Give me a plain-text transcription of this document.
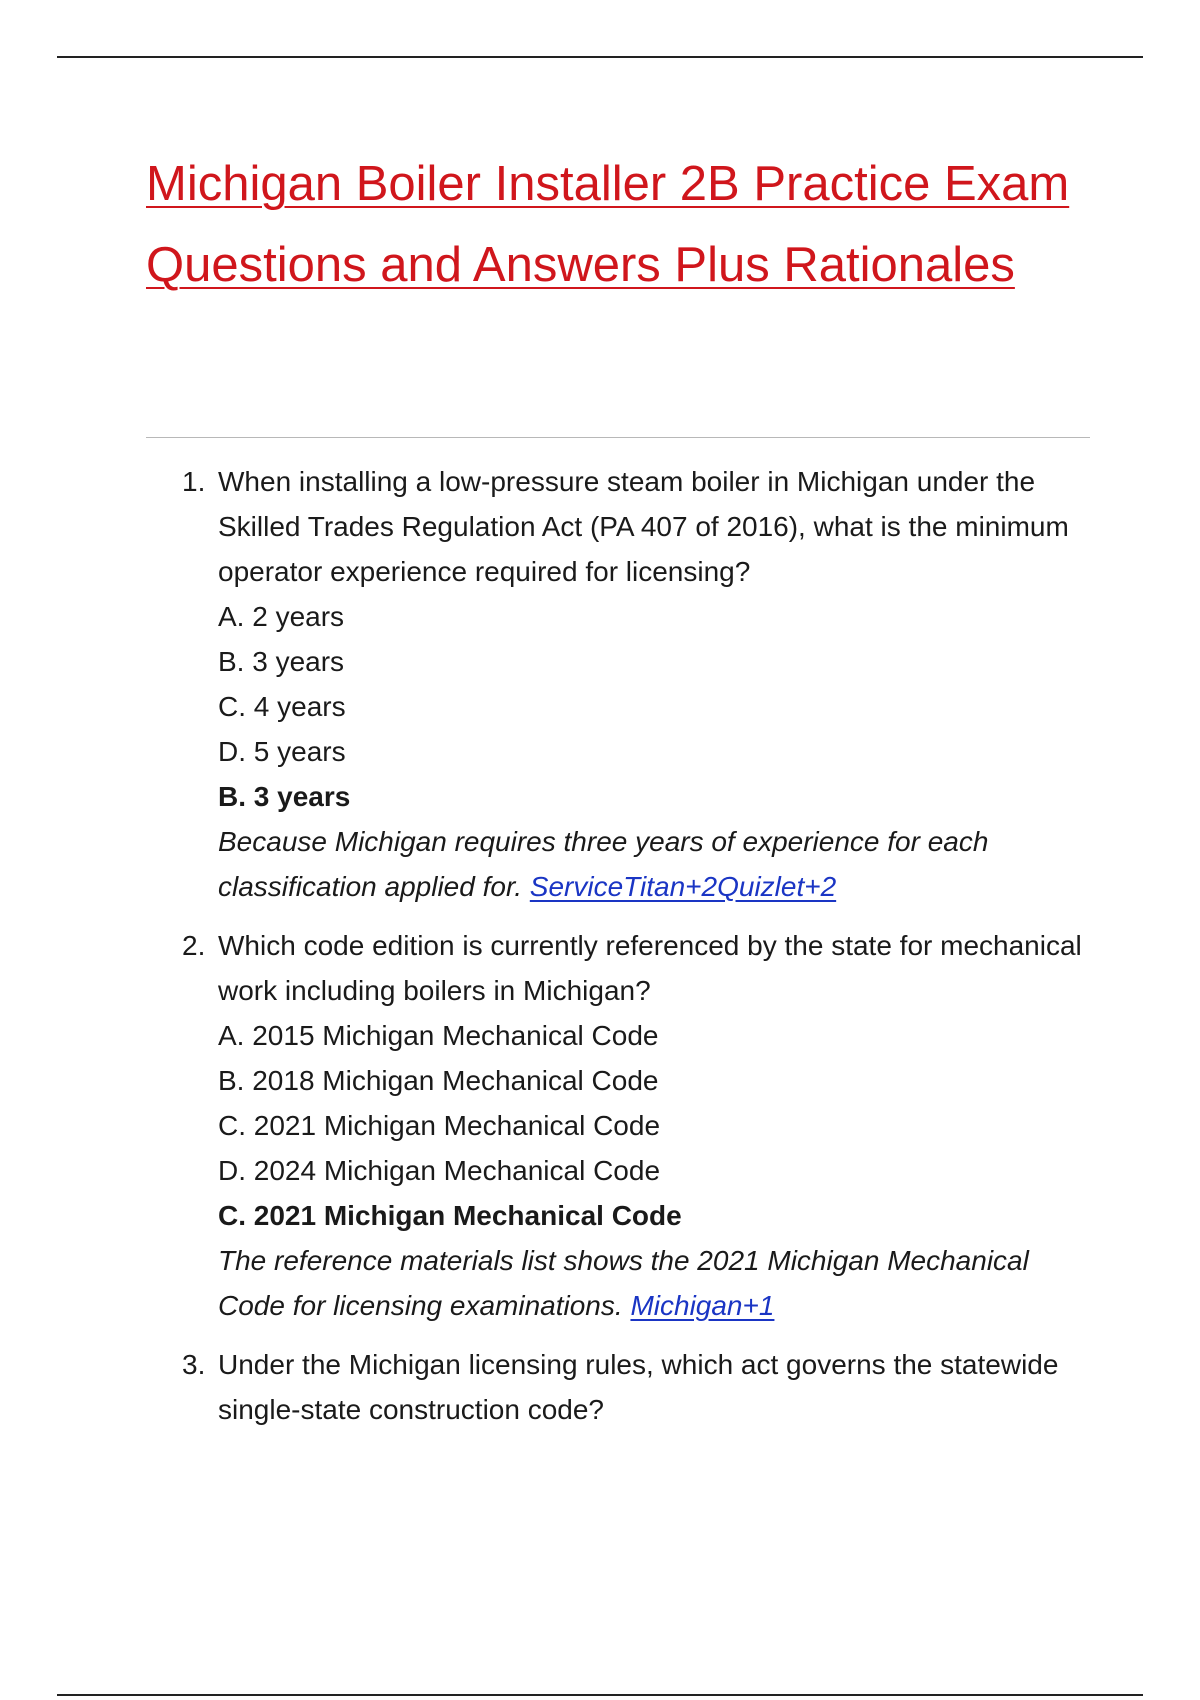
Michigan Boiler Installer 2B Practice Exam Questions and Answers Plus Rationales
1. When installing a low-pressure steam boiler in Michigan under the Skilled Trades Regulation Act (PA 407 of 2016), what is the minimum operator experience required for licensing?
A. 2 years
B. 3 years
C. 4 years
D. 5 years
B. 3 years
Because Michigan requires three years of experience for each classification applied for. ServiceTitan+2Quizlet+2
2. Which code edition is currently referenced by the state for mechanical work including boilers in Michigan?
A. 2015 Michigan Mechanical Code
B. 2018 Michigan Mechanical Code
C. 2021 Michigan Mechanical Code
D. 2024 Michigan Mechanical Code
C. 2021 Michigan Mechanical Code
The reference materials list shows the 2021 Michigan Mechanical Code for licensing examinations. Michigan+1
3. Under the Michigan licensing rules, which act governs the statewide single-state construction code?
